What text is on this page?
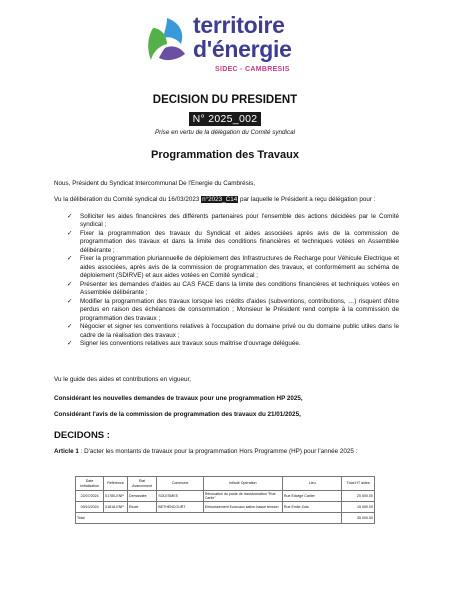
territoire
d'énergie
SIDEC - CAMBRESIS
DECISION DU PRESIDENT
N° 2025_002
Prise en vertu de la délégation du Comité syndical
Programmation des Travaux
Nous, Président du Syndicat Intercommunal De l'Energie du Cambrésis,
Vu la délibération du Comité syndical du 16/03/2023 n°2023_C14 par laquelle le Président a reçu délégation pour :
✓ Solliciter les aides financières des différents partenaires pour l'ensemble des actions décidées par le Comité syndical ;
✓ Fixer la programmation des travaux du Syndicat et aides associées après avis de la commission de programmation des travaux et dans la limite des conditions financières et techniques votées en Assemblée délibérante ;
✓ Fixer la programmation pluriannuelle de déploiement des Infrastructures de Recharge pour Véhicule Electrique et aides associées, après avis de la commission de programmation des travaux, et conformément au schéma de déploiement (SDIRVE) et aux aides votées en Comité syndical ;
✓ Présenter les demandes d'aides au CAS FACE dans la limite des conditions financières et techniques votées en Assemblée délibérante ;
✓ Modifier la programmation des travaux lorsque les crédits d'aides (subventions, contributions, …) risquent d'être perdus en raison des échéances de consommation ; Monsieur le Président rend compte à la commission de programmation des travaux ;
✓ Négocier et signer les conventions relatives à l'occupation du domaine privé ou du domaine public utiles dans le cadre de la réalisation des travaux ;
✓ Signer les conventions relatives aux travaux sous maîtrise d'ouvrage déléguée.
Vu le guide des aides et contributions en vigueur,
Considérant les nouvelles demandes de travaux pour une programmation HP 2025,
Considérant l'avis de la commission de programmation des travaux du 21/01/2025,
DECIDONS :
Article 1 : D'acter les montants de travaux pour la programmation Hors Programme (HP) pour l'année 2025 :
Date Initialisation	Référence	Etat Avancement	Commune	Intitulé Opération	Lieu	Total HT aides
22/07/2024	01780-ENP	Demandée	SOLESMES	Rénovation du poste de transformation "Rue Carlie"	Rue Edwige Carlier	20 000.00
09/10/2024	01818-ENP	Etude	BETHENCOURT	Enfouissement Eurovaux sation basse tension	Rue Emile Zola	15 000.00
Total						35 000.00
